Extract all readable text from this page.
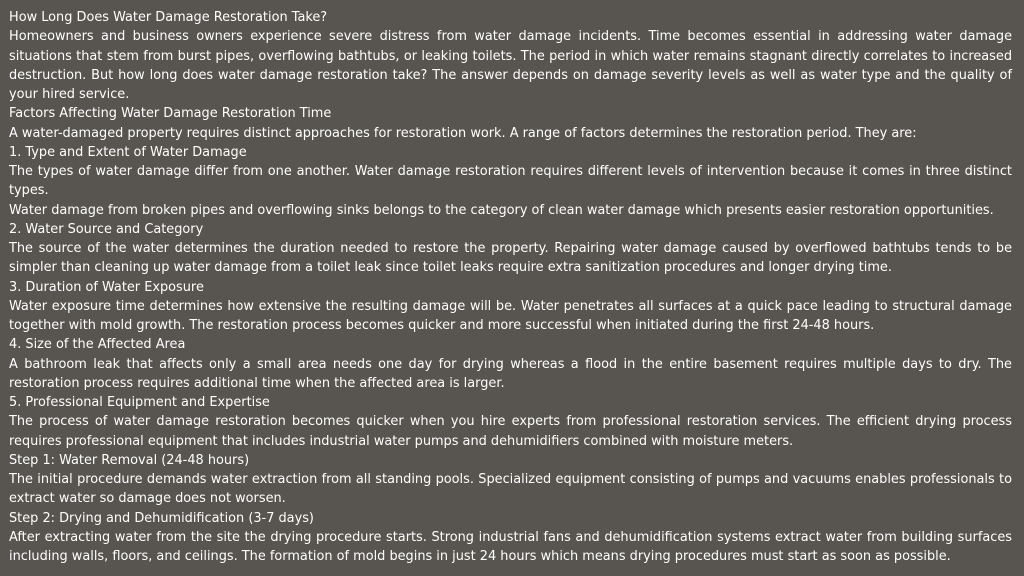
How Long Does Water Damage Restoration Take?

Homeowners and business owners experience severe distress from water damage incidents. Time becomes essential in addressing water damage situations that stem from burst pipes, overflowing bathtubs, or leaking toilets. The period in which water remains stagnant directly correlates to increased destruction. But how long does water damage restoration take? The answer depends on damage severity levels as well as water type and the quality of your hired service.

Factors Affecting Water Damage Restoration Time

A water-damaged property requires distinct approaches for restoration work. A range of factors determines the restoration period. They are:

1. Type and Extent of Water Damage

The types of water damage differ from one another. Water damage restoration requires different levels of intervention because it comes in three distinct types.

Water damage from broken pipes and overflowing sinks belongs to the category of clean water damage which presents easier restoration opportunities.

2. Water Source and Category

The source of the water determines the duration needed to restore the property. Repairing water damage caused by overflowed bathtubs tends to be simpler than cleaning up water damage from a toilet leak since toilet leaks require extra sanitization procedures and longer drying time.

3. Duration of Water Exposure

Water exposure time determines how extensive the resulting damage will be. Water penetrates all surfaces at a quick pace leading to structural damage together with mold growth. The restoration process becomes quicker and more successful when initiated during the first 24-48 hours.

4. Size of the Affected Area

A bathroom leak that affects only a small area needs one day for drying whereas a flood in the entire basement requires multiple days to dry. The restoration process requires additional time when the affected area is larger.

5. Professional Equipment and Expertise

The process of water damage restoration becomes quicker when you hire experts from professional restoration services. The efficient drying process requires professional equipment that includes industrial water pumps and dehumidifiers combined with moisture meters.

Step 1: Water Removal (24-48 hours)

The initial procedure demands water extraction from all standing pools. Specialized equipment consisting of pumps and vacuums enables professionals to extract water so damage does not worsen.

Step 2: Drying and Dehumidification (3-7 days)

After extracting water from the site the drying procedure starts. Strong industrial fans and dehumidification systems extract water from building surfaces including walls, floors, and ceilings. The formation of mold begins in just 24 hours which means drying procedures must start as soon as possible.
